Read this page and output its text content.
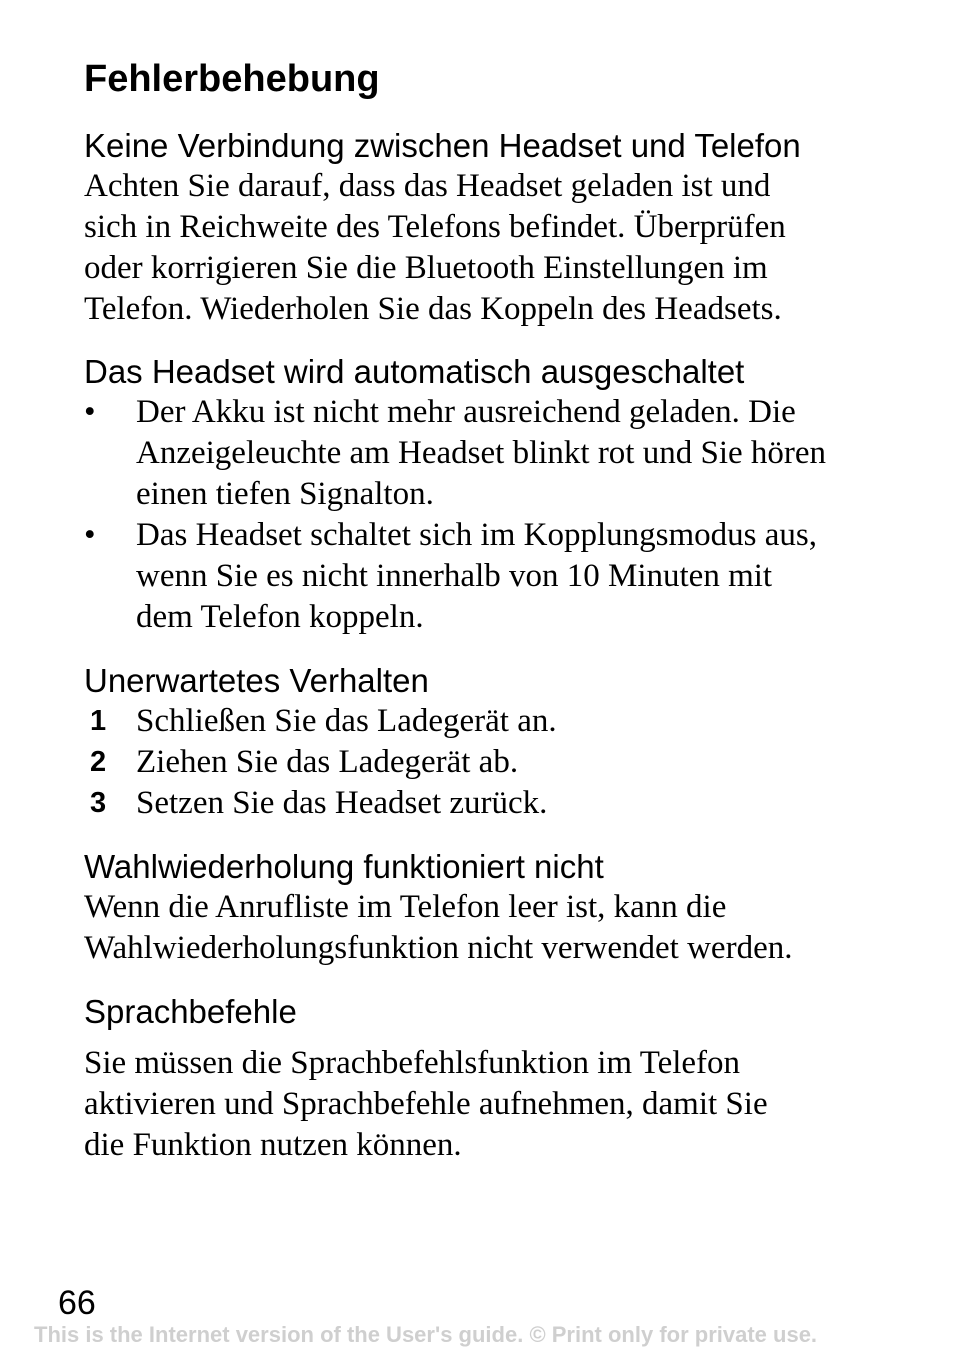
Fehlerbehebung
Keine Verbindung zwischen Headset und Telefon

Achten Sie darauf, dass das Headset geladen ist und

sich in Reichweite des Telefons befindet. Überprüfen

oder korrigieren Sie die Bluetooth Einstellungen im

Telefon. Wiederholen Sie das Koppeln des Headsets.

Das Headset wird automatisch ausgeschaltet
• Der Akku ist nicht mehr ausreichend geladen. Die
Anzeigeleuchte am Headset blinkt rot und Sie hören
einen tiefen Signalton.
• Das Headset schaltet sich im Kopplungsmodus aus,
wenn Sie es nicht innerhalb von 10 Minuten mit
dem Telefon koppeln.
Unerwartetes Verhalten
1 Schließen Sie das Ladegerät an.
2 Ziehen Sie das Ladegerät ab.
3 Setzen Sie das Headset zurück.
Wahlwiederholung funktioniert nicht

Wenn die Anrufliste im Telefon leer ist, kann die

Wahlwiederholungsfunktion nicht verwendet werden.

Sprachbefehle

Sie müssen die Sprachbefehlsfunktion im Telefon

aktivieren und Sprachbefehle aufnehmen, damit Sie

die Funktion nutzen können.

66
This is the Internet version of the User's guide. © Print only for private use.
